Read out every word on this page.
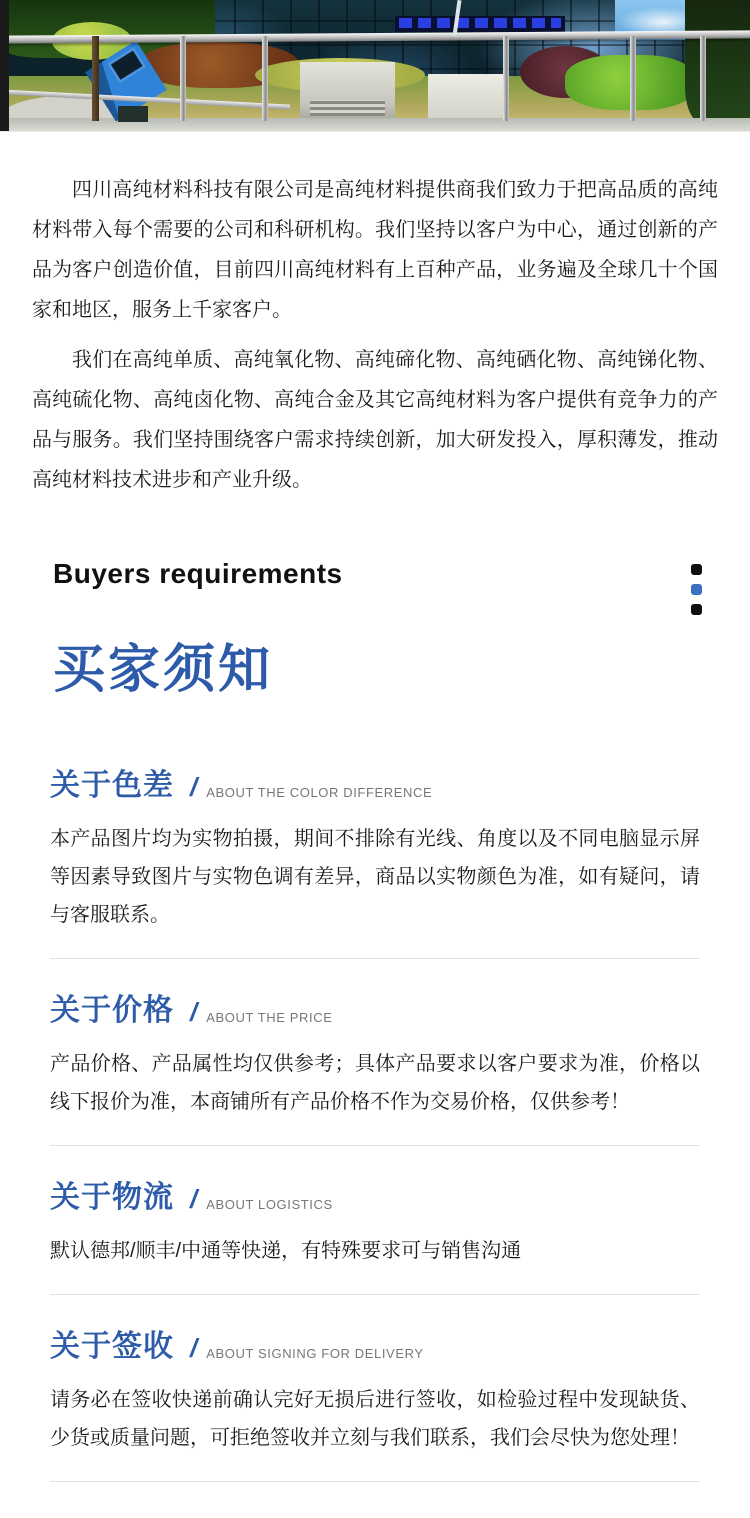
四川高纯材料科技有限公司是高纯材料提供商我们致力于把高品质的高纯材料带入每个需要的公司和科研机构。我们坚持以客户为中心，通过创新的产品为客户创造价值，目前四川高纯材料有上百种产品，业务遍及全球几十个国家和地区，服务上千家客户。

我们在高纯单质、高纯氧化物、高纯碲化物、高纯硒化物、高纯锑化物、高纯硫化物、高纯卤化物、高纯合金及其它高纯材料为客户提供有竞争力的产品与服务。我们坚持围绕客户需求持续创新，加大研发投入，厚积薄发，推动高纯材料技术进步和产业升级。

Buyers requirements
买家须知
关于色差 / ABOUT THE COLOR DIFFERENCE
本产品图片均为实物拍摄，期间不排除有光线、角度以及不同电脑显示屏等因素导致图片与实物色调有差异，商品以实物颜色为准，如有疑问，请与客服联系。
关于价格 / ABOUT THE PRICE
产品价格、产品属性均仅供参考；具体产品要求以客户要求为准，价格以线下报价为准，本商铺所有产品价格不作为交易价格，仅供参考！
关于物流 / ABOUT LOGISTICS
默认德邦/顺丰/中通等快递，有特殊要求可与销售沟通
关于签收 / ABOUT SIGNING FOR DELIVERY
请务必在签收快递前确认完好无损后进行签收，如检验过程中发现缺货、少货或质量问题，可拒绝签收并立刻与我们联系，我们会尽快为您处理！
